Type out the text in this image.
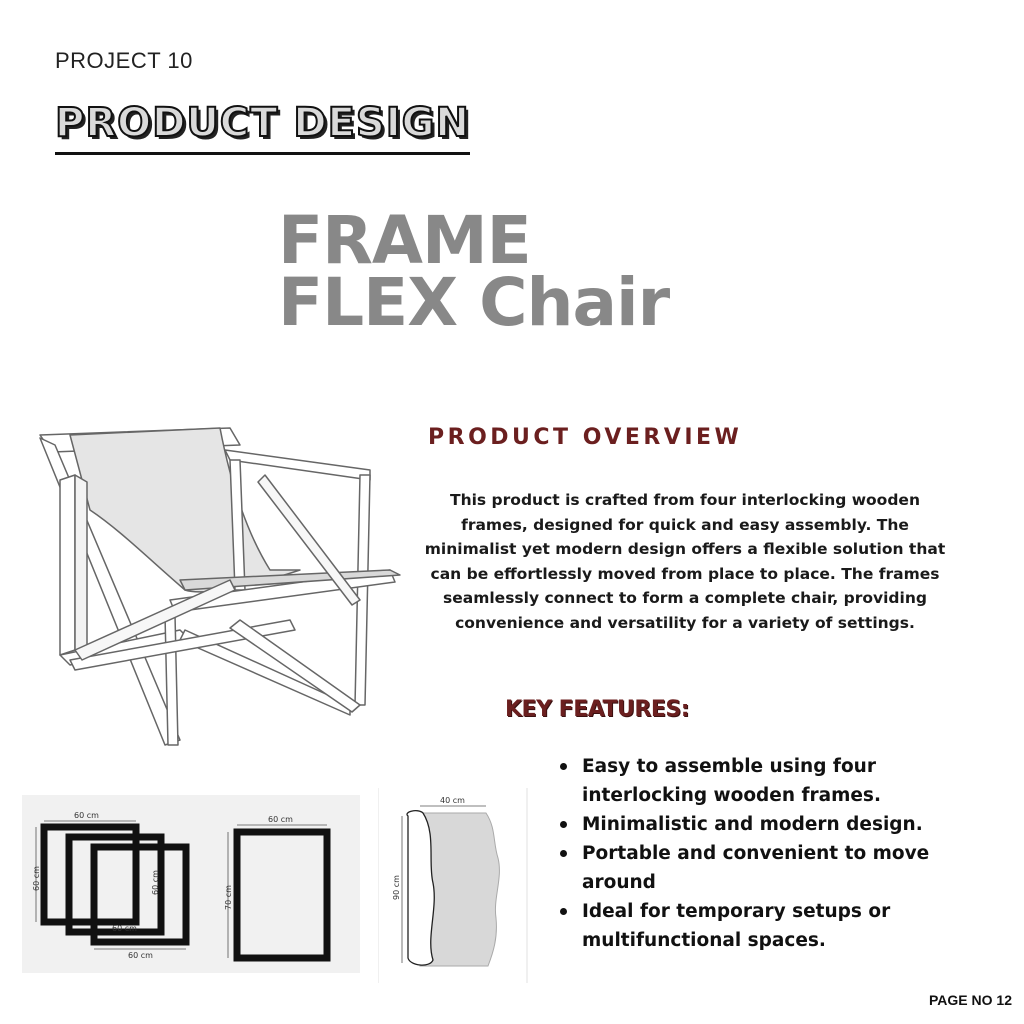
PROJECT 10
PRODUCT DESIGN
FRAME
FLEX Chair
PRODUCT OVERVIEW
This product is crafted from four interlocking wooden frames, designed for quick and easy assembly. The minimalist yet modern design offers a flexible solution that can be effortlessly moved from place to place. The frames seamlessly connect to form a complete chair, providing convenience and versatility for a variety of settings.
KEY FEATURES:
Easy to assemble using four interlocking wooden frames.
Minimalistic and modern design.
Portable and convenient to move around
Ideal for temporary setups or multifunctional spaces.
60 cm
60 cm	60 cm
60 cm
60 cm
60 cm
70 cm
40 cm
90 cm
PAGE NO 12
